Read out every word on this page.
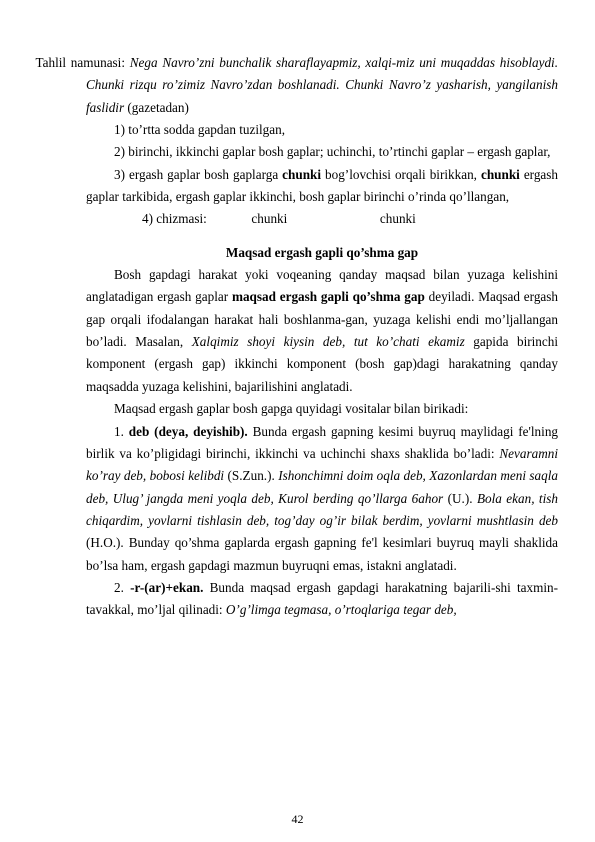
Tahlil namunasi: Nega Navro’zni bunchalik sharaflayapmiz, xalqi-miz uni muqaddas hisoblaydi. Chunki rizqu ro’zimiz Navro’zdan boshlanadi. Chunki Navro’z yasharish, yangilanish faslidir (gazetadan)

1) to’rtta sodda gapdan tuzilgan,

2) birinchi, ikkinchi gaplar bosh gaplar; uchinchi, to’rtinchi gaplar – ergash gaplar,

3) ergash gaplar bosh gaplarga chunki bog’lovchisi orqali birikkan, chunki ergash gaplar tarkibida, ergash gaplar ikkinchi, bosh gaplar birinchi o’rinda qo’llangan,

4) chizmasi:	chunki	chunki

Maqsad ergash gapli qo’shma gap

Bosh gapdagi harakat yoki voqeaning qanday maqsad bilan yuzaga kelishini anglatadigan ergash gaplar maqsad ergash gapli qo’shma gap deyiladi. Maqsad ergash gap orqali ifodalangan harakat hali boshlanma-gan, yuzaga kelishi endi mo’ljallangan bo’ladi. Masalan, Xalqimiz shoyi kiysin deb, tut ko’chati ekamiz gapida birinchi komponent (ergash gap) ikkinchi komponent (bosh gap)dagi harakatning qanday maqsadda yuzaga kelishini, bajarilishini anglatadi.

Maqsad ergash gaplar bosh gapga quyidagi vositalar bilan birikadi:

1. deb (deya, deyishib). Bunda ergash gapning kesimi buyruq maylidagi fe'lning birlik va ko’pligidagi birinchi, ikkinchi va uchinchi shaxs shaklida bo’ladi: Nevaramni ko’ray deb, bobosi kelibdi (S.Zun.). Ishonchimni doim oqla deb, Xazonlardan meni saqla deb, Ulug’ jangda meni yoqla deb, Kurol berding qo’llarga 6ahor (U.). Bola ekan, tish chiqardim, yovlarni tishlasin deb, tog’day og’ir bilak berdim, yovlarni mushtlasin deb (H.O.). Bunday qo’shma gaplarda ergash gapning fe'l kesimlari buyruq mayli shaklida bo’lsa ham, ergash gapdagi mazmun buyruqni emas, istakni anglatadi.

2. -r-(ar)+ekan. Bunda maqsad ergash gapdagi harakatning bajarili-shi taxmin-tavakkal, mo’ljal qilinadi: O’g’limga tegmasa, o’rtoqlariga tegar deb,

42
